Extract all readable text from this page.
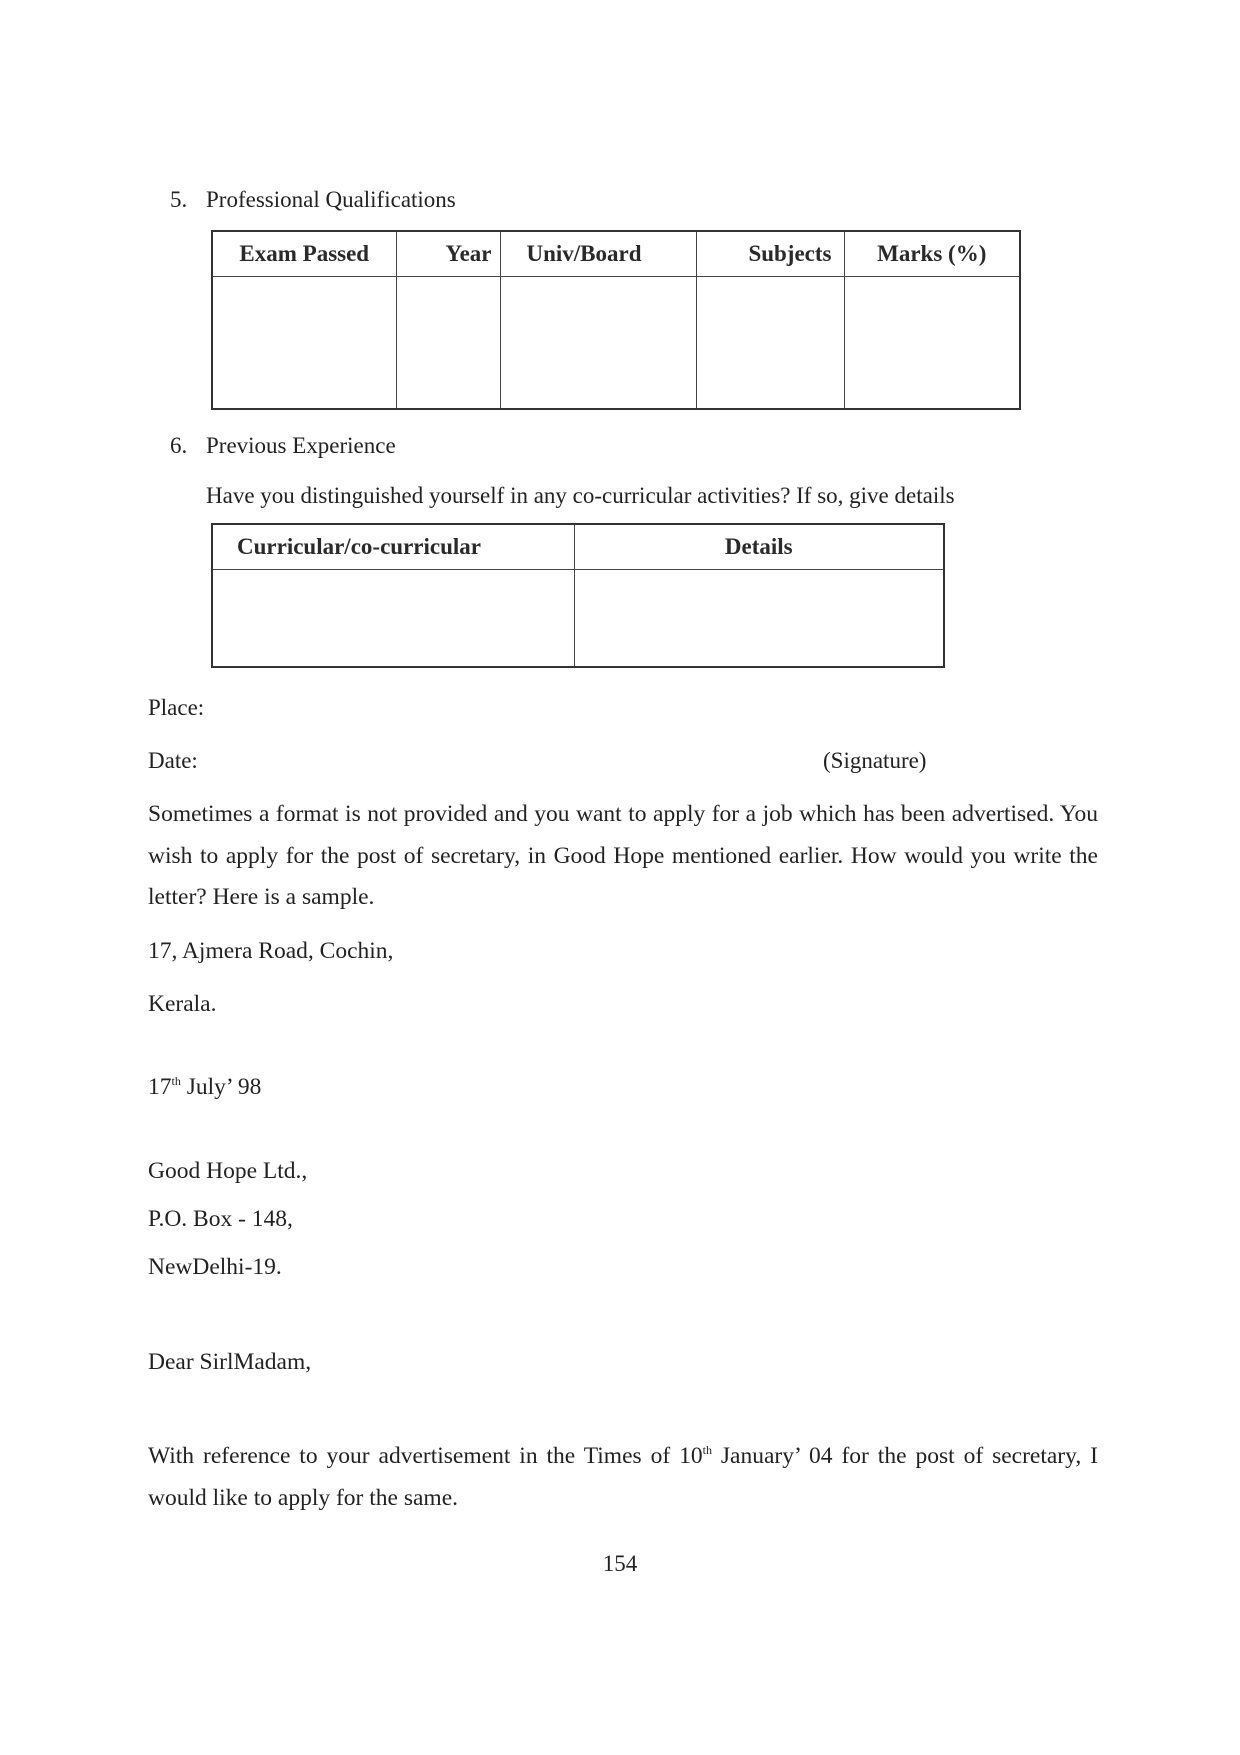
5. Professional Qualifications
Exam Passed	Year	Univ/Board	Subjects	Marks (%)

6. Previous Experience
Have you distinguished yourself in any co-curricular activities? If so, give details
Curricular/co-curricular	Details

Place:
Date:	(Signature)
Sometimes a format is not provided and you want to apply for a job which has been advertised. You wish to apply for the post of secretary, in Good Hope mentioned earlier. How would you write the letter? Here is a sample.
17, Ajmera Road, Cochin,
Kerala.
17th July’ 98
Good Hope Ltd.,
P.O. Box - 148,
NewDelhi-19.
Dear SirlMadam,
With reference to your advertisement in the Times of 10th January’ 04 for the post of secretary, I would like to apply for the same.
154
